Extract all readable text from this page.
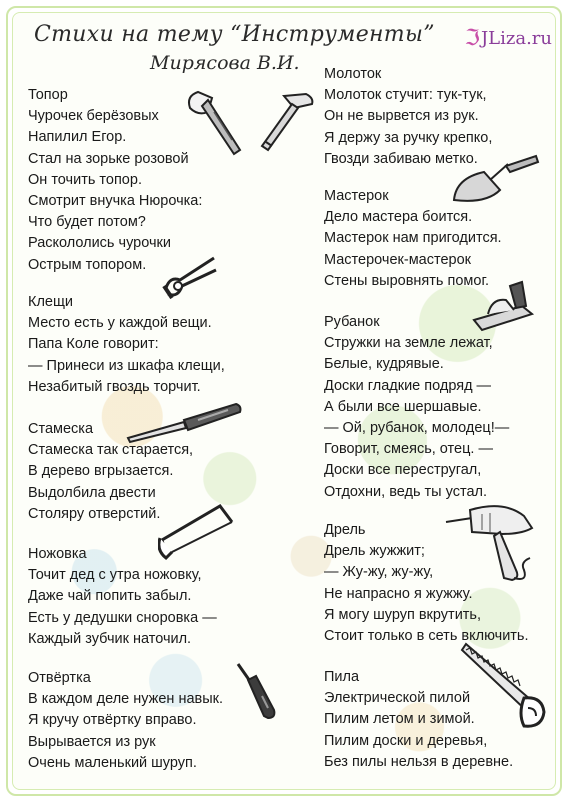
Стихи на тему “Инструменты”
Мирясова В.И.
ℑ JLiza.ru
Топор
Чурочек берёзовых
Напилил Егор.
Стал на зорьке розовой
Он точить топор.
Смотрит внучка Нюрочка:
Что будет потом?
Раскололись чурочки
Острым топором.
Клещи
Место есть у каждой вещи.
Папа Коле говорит:
— Принеси из шкафа клещи,
Незабитый гвоздь торчит.
Стамеска
Стамеска так старается,
В дерево вгрызается.
Выдолбила двести
Столяру отверстий.
Ножовка
Точит дед с утра ножовку,
Даже чай попить забыл.
Есть у дедушки сноровка —
Каждый зубчик наточил.
Отвёртка
В каждом деле нужен навык.
Я кручу отвёртку вправо.
Вырывается из рук
Очень маленький шуруп.
Молоток
Молоток стучит: тук-тук,
Он не вырвется из рук.
Я держу за ручку крепко,
Гвозди забиваю метко.
Мастерок
Дело мастера боится.
Мастерок нам пригодится.
Мастерочек-мастерок
Стены выровнять помог.
Рубанок
Стружки на земле лежат,
Белые, кудрявые.
Доски гладкие подряд —
А были все шершавые.
— Ой, рубанок, молодец!—
Говорит, смеясь, отец. —
Доски все перестругал,
Отдохни, ведь ты устал.
Дрель
Дрель жужжит;
— Жу-жу, жу-жу,
Не напрасно я жужжу.
Я могу шуруп вкрутить,
Стоит только в сеть включить.
Пила
Электрической пилой
Пилим летом и зимой.
Пилим доски и деревья,
Без пилы нельзя в деревне.
